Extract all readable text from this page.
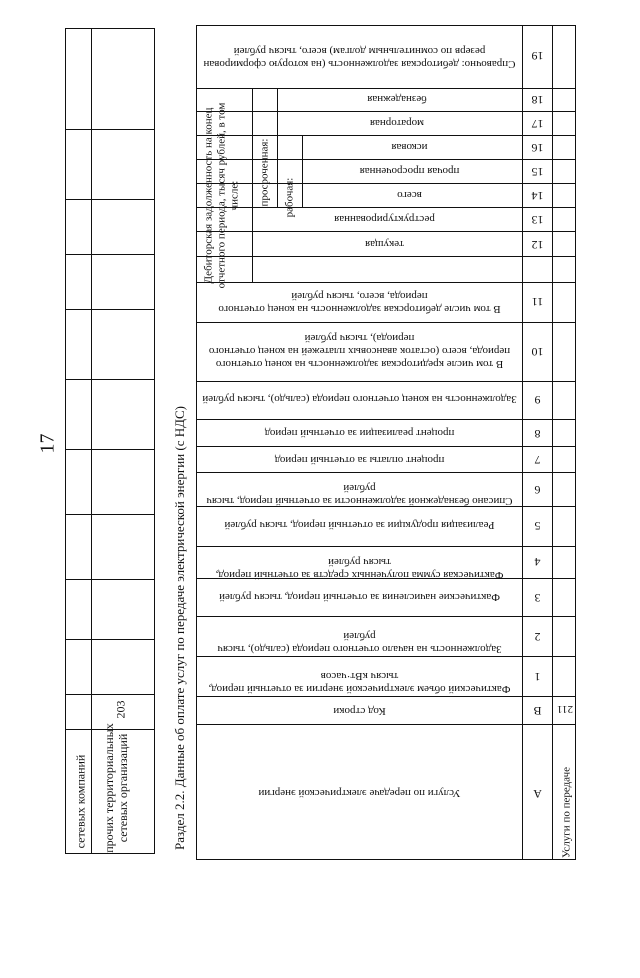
17
сетевых компаний прочих территориальных сетевых организаций
203	Раздел 2.2. Данные об оплате услуг по передаче электрической энергии (с НДС)
Справочно: дебиторская задолженность (на которую сформирован резерв по сомнительным долгам) всего, тысяч рублей
безнадежная
мораторная
исковая
прочая просроченная
всего
реструктурированная
текущая
В том числе дебиторская задолженность на конец отчетного периода, всего, тысяч рублей
В том числе кредиторская задолженность на конец отчетного периода, всего (остаток авансовых платежей на конец отчетного периода), тысяч рублей
Задолженность на конец отчетного периода (сальдо), тысяч рублей
процент реализации за отчетный период
процент оплаты за отчетный период
Списано безнадежной задолженности за отчетный период, тысяч рублей
Реализация продукции за отчетный период, тысяч рублей
Фактическая сумма полученных средств за отчетный период, тысяч рублей
Фактические начисления за отчетный период, тысяч рублей
Задолженность на начало отчетного периода (сальдо), тысяч рублей
Фактический объем электрической энергии за отчетный период, тысяч кВт·часов
Код строки
Услуги по передаче электрической энергии
Дебиторская задолженность на конец отчетного периода, тысяч рублей, в том числе: просроченная: рабочая:
19
18
17
16
15
14
13
12
11
10
9
8
7
6
5
4
3
2
1
В
А
211
Услуги по передаче
